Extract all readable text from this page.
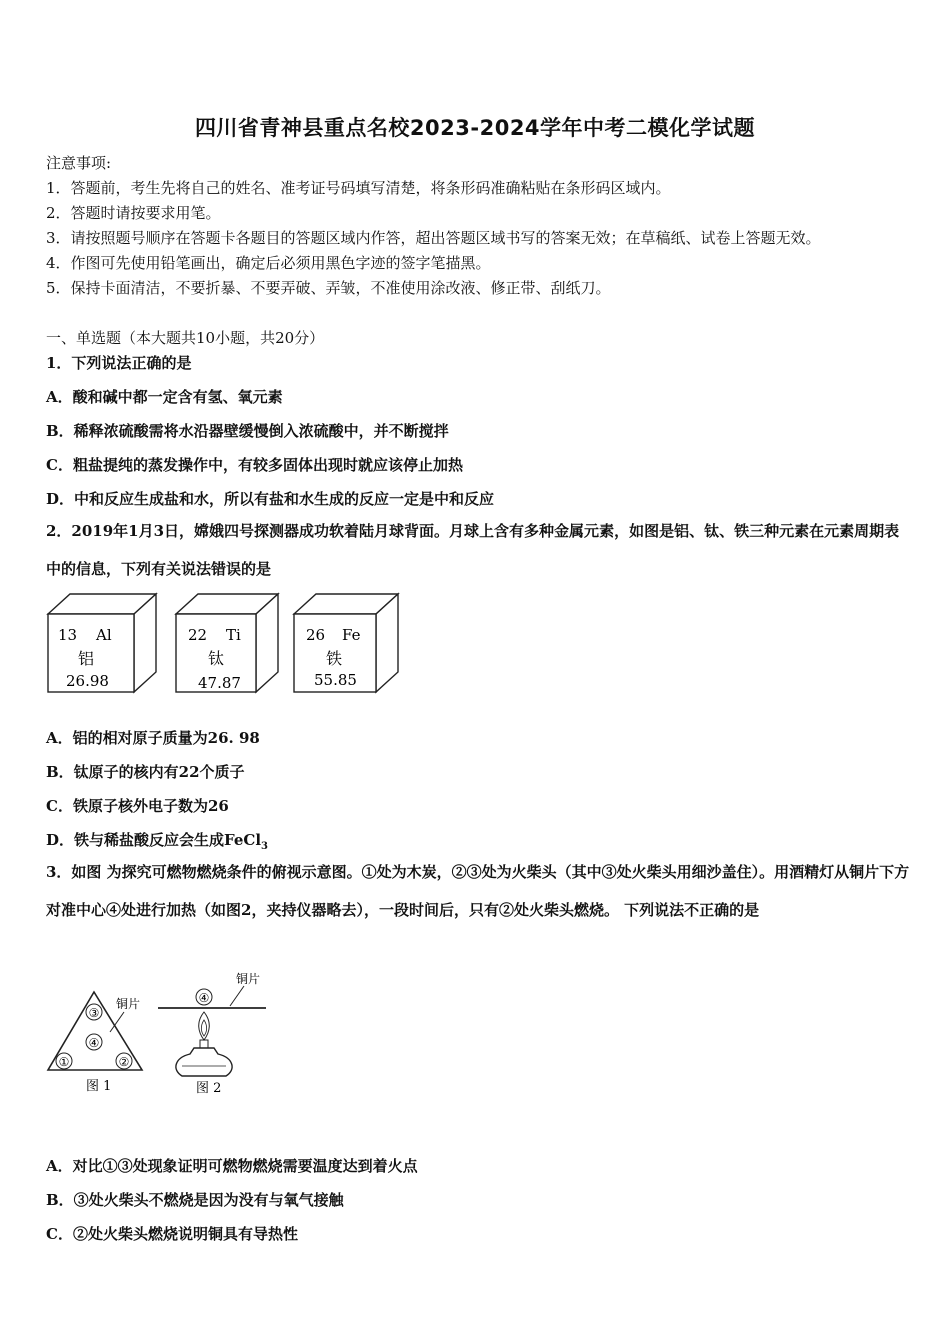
四川省青神县重点名校2023-2024学年中考二模化学试题
注意事项:
1．答题前，考生先将自己的姓名、准考证号码填写清楚，将条形码准确粘贴在条形码区域内。
2．答题时请按要求用笔。
3．请按照题号顺序在答题卡各题目的答题区域内作答，超出答题区域书写的答案无效；在草稿纸、试卷上答题无效。
4．作图可先使用铅笔画出，确定后必须用黑色字迹的签字笔描黑。
5．保持卡面清洁，不要折暴、不要弄破、弄皱，不准使用涂改液、修正带、刮纸刀。
一、单选题（本大题共10小题，共20分）
1．下列说法正确的是
A．酸和碱中都一定含有氢、氧元素
B．稀释浓硫酸需将水沿器壁缓慢倒入浓硫酸中，并不断搅拌
C．粗盐提纯的蒸发操作中，有较多固体出现时就应该停止加热
D．中和反应生成盐和水，所以有盐和水生成的反应一定是中和反应
2．2019年1月3日，嫦娥四号探测器成功软着陆月球背面。月球上含有多种金属元素，如图是铝、钛、铁三种元素在元素周期表中的信息，下列有关说法错误的是
13 Al
铝
26.98
22 Ti
钛
47.87
26 Fe
铁
55.85
A．铝的相对原子质量为26. 98
B．钛原子的核内有22个质子
C．铁原子核外电子数为26
D．铁与稀盐酸反应会生成FeCl$_3$
3．如图 为探究可燃物燃烧条件的俯视示意图。①处为木炭，②③处为火柴头（其中③处火柴头用细沙盖住）。用酒精灯从铜片下方对准中心④处进行加热（如图2，夹持仪器略去），一段时间后，只有②处火柴头燃烧。 下列说法不正确的是
③
④
①	②
铜片
图 1
④
铜片
图 2
A．对比①③处现象证明可燃物燃烧需要温度达到着火点
B．③处火柴头不燃烧是因为没有与氧气接触
C．②处火柴头燃烧说明铜具有导热性
